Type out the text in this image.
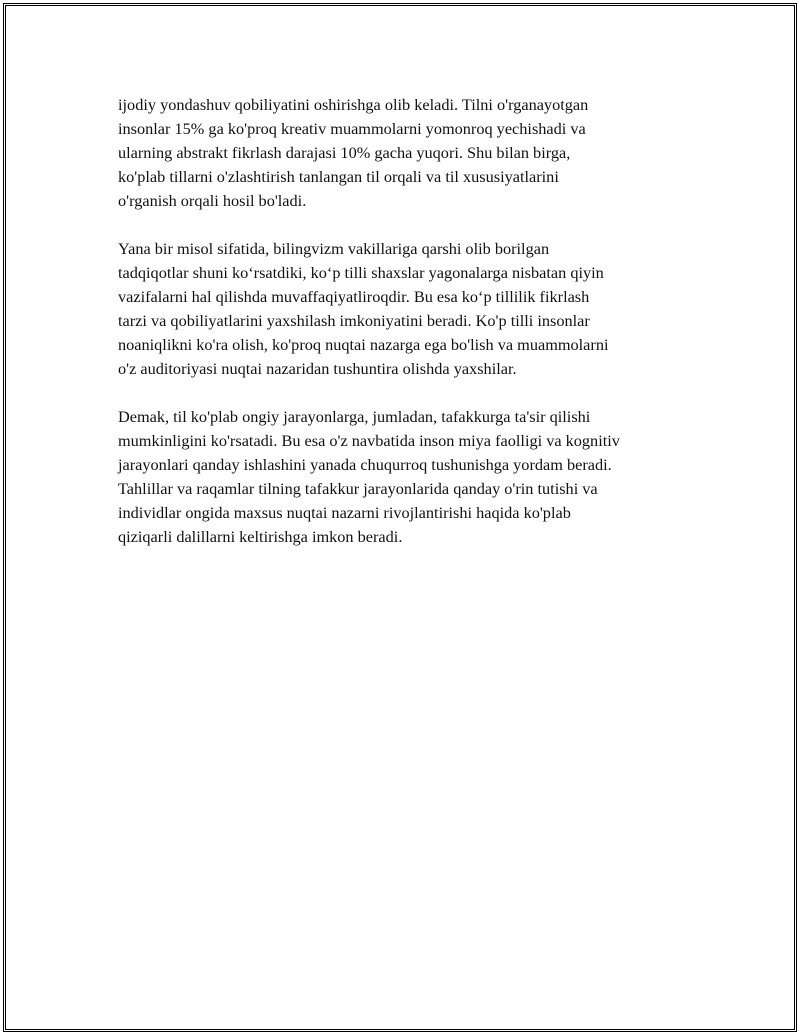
ijodiy yondashuv qobiliyatini oshirishga olib keladi. Tilni o'rganayotgan
insonlar 15% ga ko'proq kreativ muammolarni yomonroq yechishadi va
ularning abstrakt fikrlash darajasi 10% gacha yuqori. Shu bilan birga,
ko'plab tillarni o'zlashtirish tanlangan til orqali va til xususiyatlarini
o'rganish orqali hosil bo'ladi.

Yana bir misol sifatida, bilingvizm vakillariga qarshi olib borilgan
tadqiqotlar shuni ko‘rsatdiki, ko‘p tilli shaxslar yagonalarga nisbatan qiyin
vazifalarni hal qilishda muvaffaqiyatliroqdir. Bu esa ko‘p tillilik fikrlash
tarzi va qobiliyatlarini yaxshilash imkoniyatini beradi. Ko'p tilli insonlar
noaniqlikni ko'ra olish, ko'proq nuqtai nazarga ega bo'lish va muammolarni
o'z auditoriyasi nuqtai nazaridan tushuntira olishda yaxshilar.

Demak, til ko'plab ongiy jarayonlarga, jumladan, tafakkurga ta'sir qilishi
mumkinligini ko'rsatadi. Bu esa o'z navbatida inson miya faolligi va kognitiv
jarayonlari qanday ishlashini yanada chuqurroq tushunishga yordam beradi.
Tahlillar va raqamlar tilning tafakkur jarayonlarida qanday o'rin tutishi va
individlar ongida maxsus nuqtai nazarni rivojlantirishi haqida ko'plab
qiziqarli dalillarni keltirishga imkon beradi.
